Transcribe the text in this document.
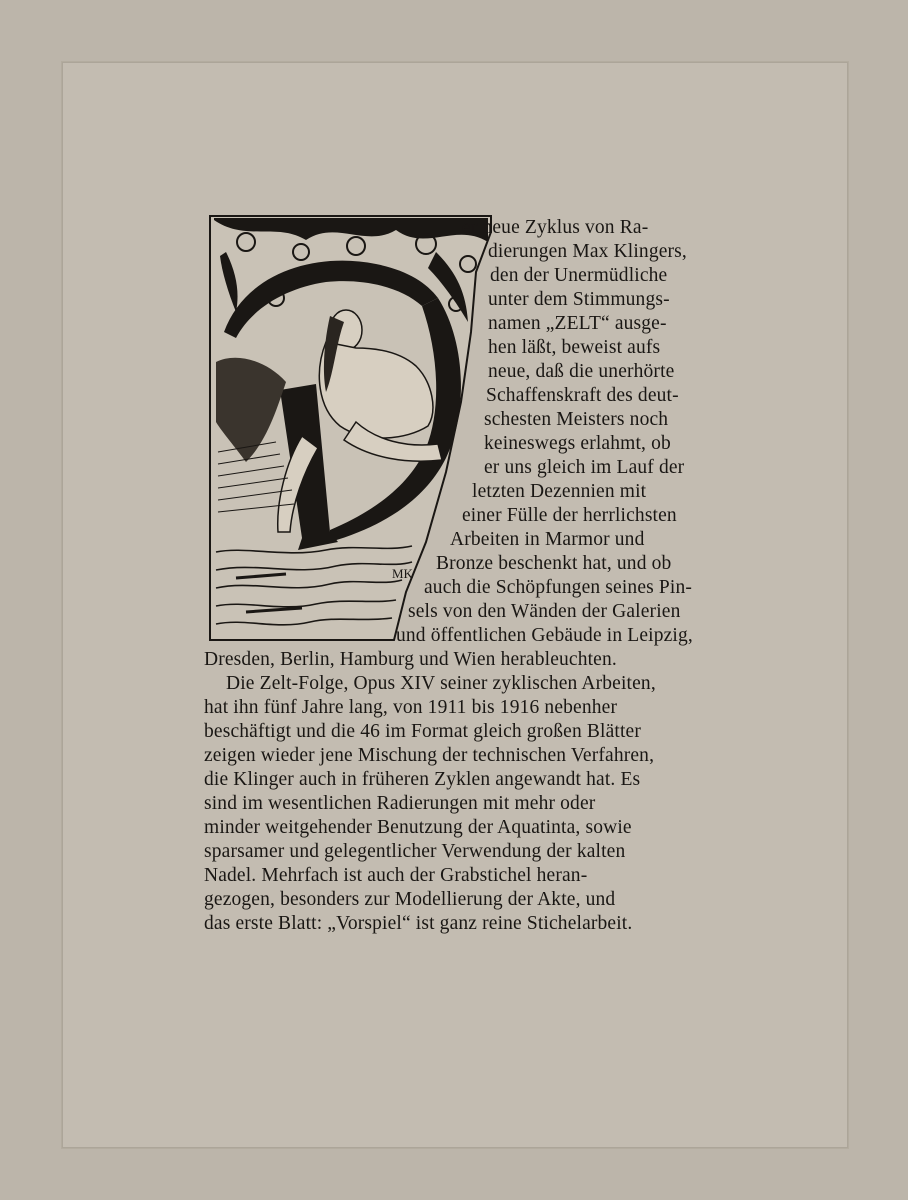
MK
er neue Zyklus von Ra-
dierungen Max Klingers,
den der Unermüdliche
unter dem Stimmungs-
namen „ZELT“ ausge-
hen läßt, beweist aufs
neue, daß die unerhörte
Schaffenskraft des deut-
schesten Meisters noch
keineswegs erlahmt, ob
er uns gleich im Lauf der
letzten Dezennien mit
einer Fülle der herrlichsten
Arbeiten in Marmor und
Bronze beschenkt hat, und ob
auch die Schöpfungen seines Pin-
sels von den Wänden der Galerien
und öffentlichen Gebäude in Leipzig,
Dresden, Berlin, Hamburg und Wien herableuchten.
Die Zelt-Folge, Opus XIV seiner zyklischen Arbeiten,
hat ihn fünf Jahre lang, von 1911 bis 1916 nebenher
beschäftigt und die 46 im Format gleich großen Blätter
zeigen wieder jene Mischung der technischen Verfahren,
die Klinger auch in früheren Zyklen angewandt hat. Es
sind im wesentlichen Radierungen mit mehr oder
minder weitgehender Benutzung der Aquatinta, sowie
sparsamer und gelegentlicher Verwendung der kalten
Nadel. Mehrfach ist auch der Grabstichel heran-
gezogen, besonders zur Modellierung der Akte, und
das erste Blatt: „Vorspiel“ ist ganz reine Stichelarbeit.
